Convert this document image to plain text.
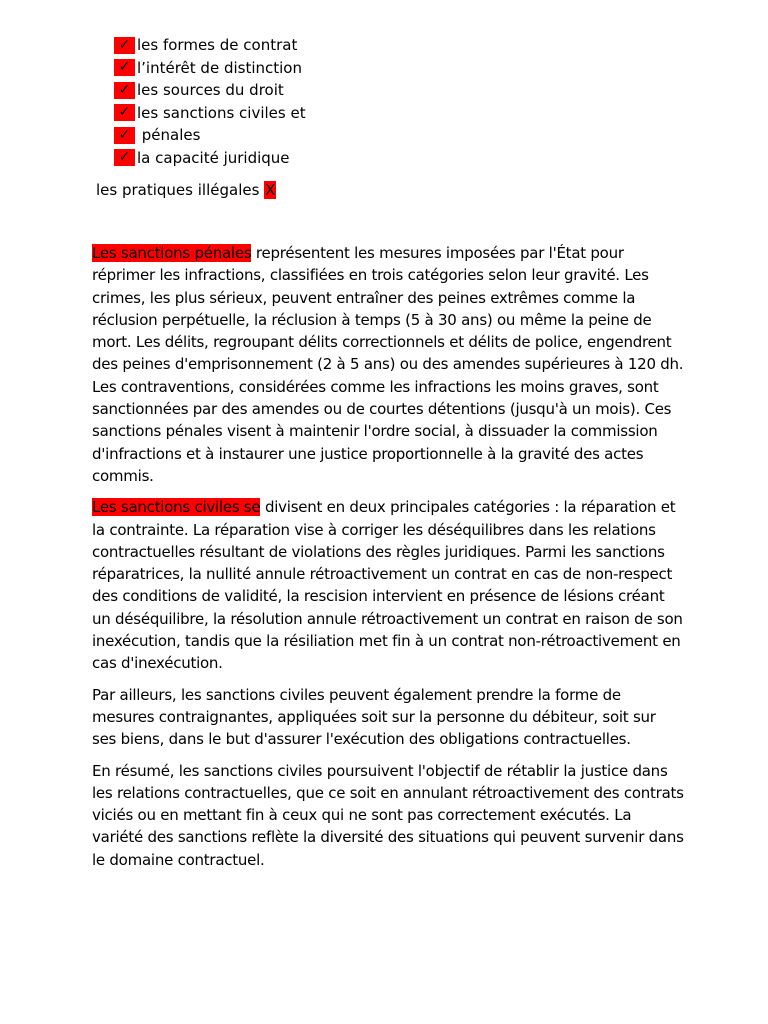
✓ les formes de contrat
✓ l’intérêt de distinction
✓ les sources du droit
✓ les sanctions civiles et
✓ pénales
✓ la capacité juridique
les pratiques illégales X

Les sanctions pénales représentent les mesures imposées par l'État pour réprimer les infractions, classifiées en trois catégories selon leur gravité. Les crimes, les plus sérieux, peuvent entraîner des peines extrêmes comme la réclusion perpétuelle, la réclusion à temps (5 à 30 ans) ou même la peine de mort. Les délits, regroupant délits correctionnels et délits de police, engendrent des peines d'emprisonnement (2 à 5 ans) ou des amendes supérieures à 120 dh. Les contraventions, considérées comme les infractions les moins graves, sont sanctionnées par des amendes ou de courtes détentions (jusqu'à un mois). Ces sanctions pénales visent à maintenir l'ordre social, à dissuader la commission d'infractions et à instaurer une justice proportionnelle à la gravité des actes commis.

Les sanctions civiles se divisent en deux principales catégories : la réparation et la contrainte. La réparation vise à corriger les déséquilibres dans les relations contractuelles résultant de violations des règles juridiques. Parmi les sanctions réparatrices, la nullité annule rétroactivement un contrat en cas de non-respect des conditions de validité, la rescision intervient en présence de lésions créant un déséquilibre, la résolution annule rétroactivement un contrat en raison de son inexécution, tandis que la résiliation met fin à un contrat non-rétroactivement en cas d'inexécution.

Par ailleurs, les sanctions civiles peuvent également prendre la forme de mesures contraignantes, appliquées soit sur la personne du débiteur, soit sur ses biens, dans le but d'assurer l'exécution des obligations contractuelles.

En résumé, les sanctions civiles poursuivent l'objectif de rétablir la justice dans les relations contractuelles, que ce soit en annulant rétroactivement des contrats viciés ou en mettant fin à ceux qui ne sont pas correctement exécutés. La variété des sanctions reflète la diversité des situations qui peuvent survenir dans le domaine contractuel.
